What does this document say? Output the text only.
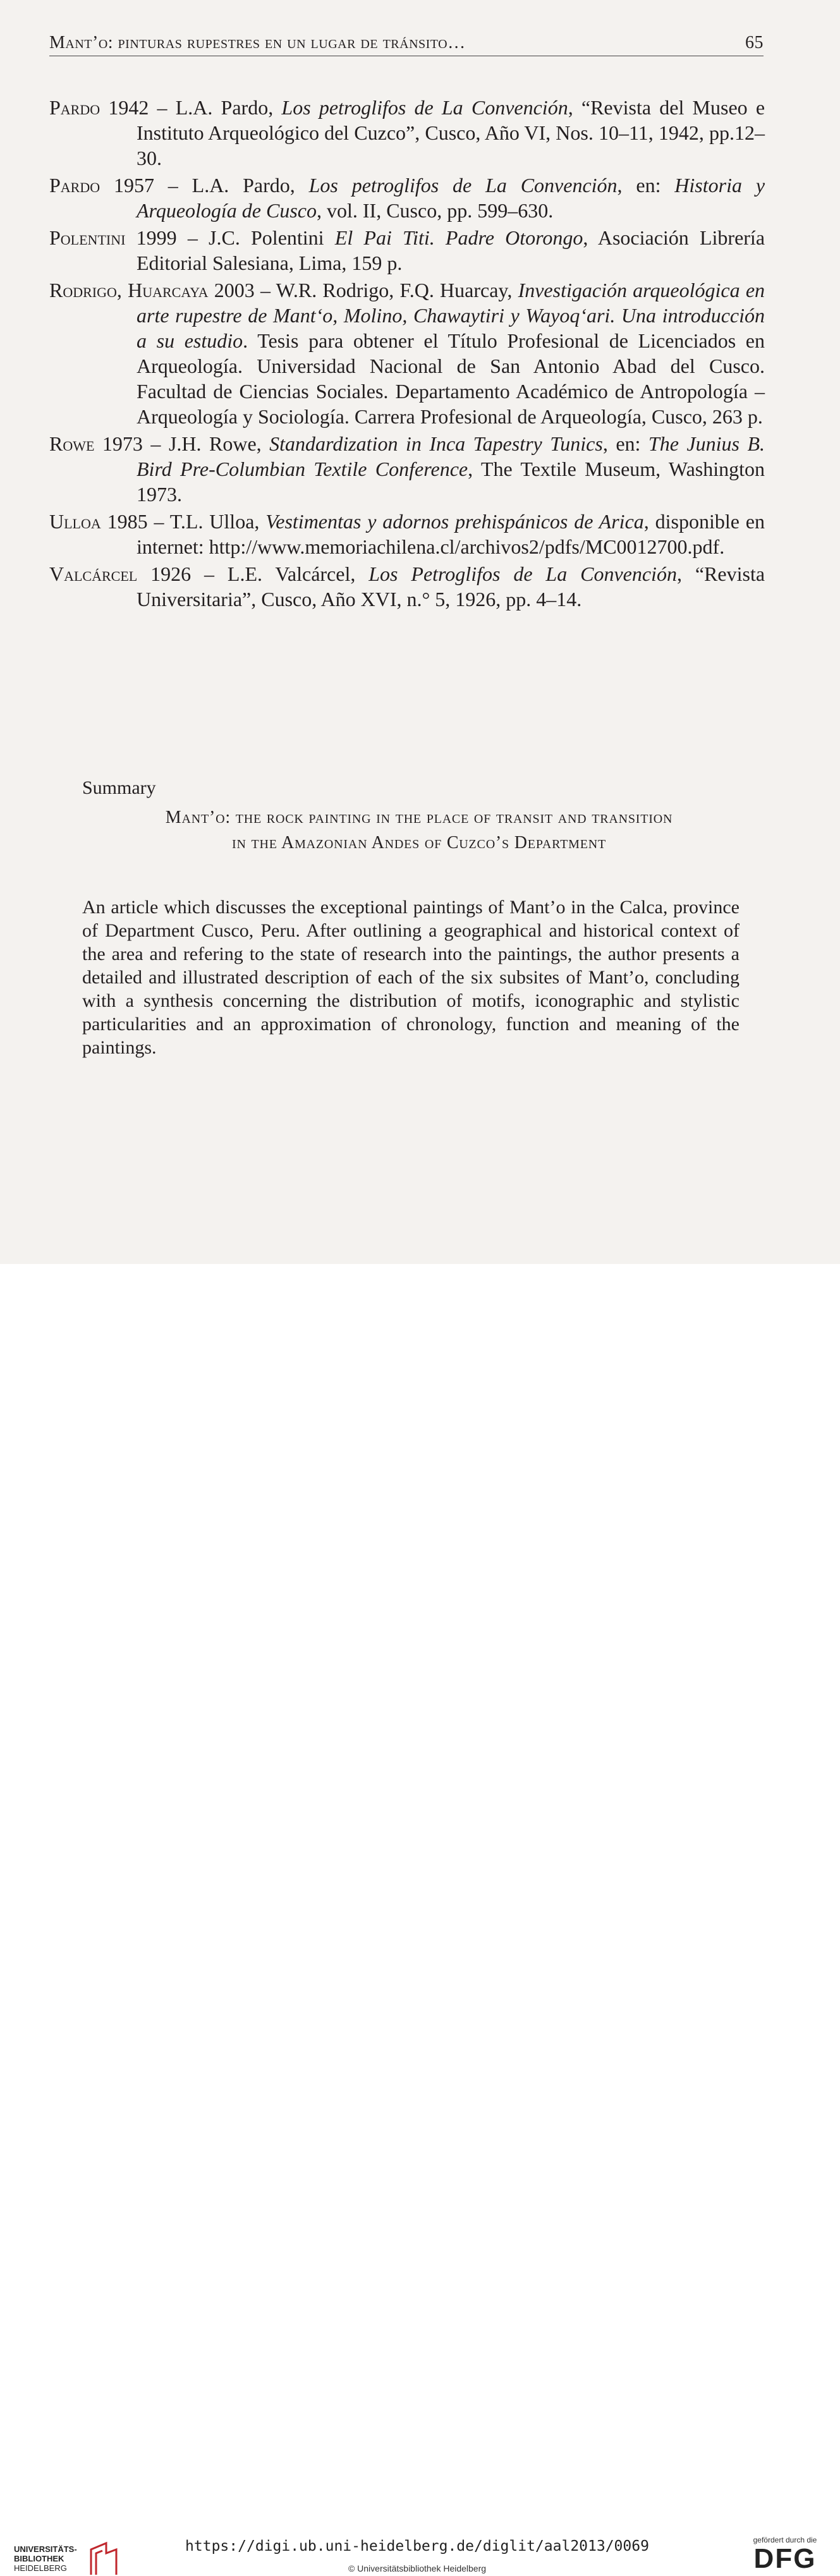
Mant’o: pinturas rupestres en un lugar de tránsito…	65

Pardo 1942 – L.A. Pardo, Los petroglifos de La Convención, “Revista del Museo e Instituto Arqueológico del Cuzco”, Cusco, Año VI, Nos. 10–11, 1942, pp.12–30.

Pardo 1957 – L.A. Pardo, Los petroglifos de La Convención, en: Historia y Arqueología de Cusco, vol. II, Cusco, pp. 599–630.

Polentini 1999 – J.C. Polentini El Pai Titi. Padre Otorongo, Asociación Librería Editorial Salesiana, Lima, 159 p.

Rodrigo, Huarcaya 2003 – W.R. Rodrigo, F.Q. Huarcay, Investigación arqueológica en arte rupestre de Mant‘o, Molino, Chawaytiri y Wayoq‘ari. Una introducción a su estudio. Tesis para obtener el Título Profesional de Licenciados en Arqueología. Universidad Nacional de San Antonio Abad del Cusco. Facultad de Ciencias Sociales. Departamento Académico de Antropología – Arqueología y Sociología. Carrera Profesional de Arqueología, Cusco, 263 p.

Rowe 1973 – J.H. Rowe, Standardization in Inca Tapestry Tunics, en: The Junius B. Bird Pre-Columbian Textile Conference, The Textile Museum, Washington 1973.

Ulloa 1985 – T.L. Ulloa, Vestimentas y adornos prehispánicos de Arica, disponible en internet: http://www.memoriachilena.cl/archivos2/pdfs/MC0012700.pdf.

Valcárcel 1926 – L.E. Valcárcel, Los Petroglifos de La Convención, “Revista Universitaria”, Cusco, Año XVI, n.° 5, 1926, pp. 4–14.

Summary
Mant’o: the rock painting in the place of transit and transition
in the Amazonian Andes of Cuzco’s Department

An article which discusses the exceptional paintings of Mant’o in the Calca, province of Department Cusco, Peru. After outlining a geographical and historical context of the area and refering to the state of research into the paintings, the author presents a detailed and illustrated description of each of the six subsites of Mant’o, concluding with a synthesis concerning the distribution of motifs, iconographic and stylistic particularities and an approximation of chronology, function and meaning of the paintings.

UNIVERSITÄTS-
BIBLIOTHEK
HEIDELBERG
https://digi.ub.uni-heidelberg.de/diglit/aal2013/0069
© Universitätsbibliothek Heidelberg
gefördert durch die
DFG
